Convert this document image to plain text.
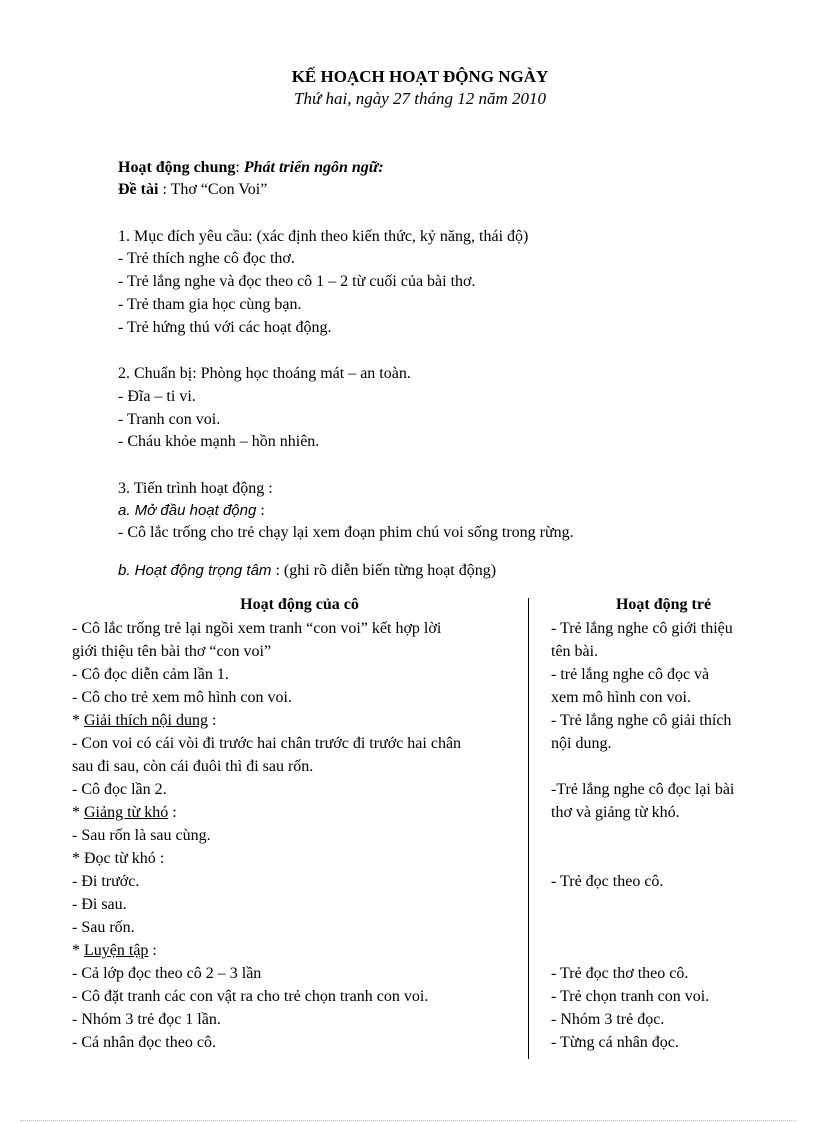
KẾ HOẠCH HOẠT ĐỘNG NGÀY
Thứ hai, ngày 27 tháng 12 năm 2010
Hoạt động chung: Phát triển ngôn ngữ:
Đề tài : Thơ “Con Voi”
1. Mục đích yêu cầu: (xác định theo kiến thức, kỷ năng, thái độ)
- Trẻ thích nghe cô đọc thơ.
- Trẻ lắng nghe và đọc theo cô 1 – 2 từ cuối của bài thơ.
- Trẻ tham gia học cùng bạn.
- Trẻ hứng thú với các hoạt động.
2. Chuẩn bị: Phòng học thoáng mát – an toàn.
- Đĩa – ti vi.
- Tranh con voi.
- Cháu khỏe mạnh – hồn nhiên.
3. Tiến trình hoạt động :
a. Mở đầu hoạt động :
- Cô lắc trống cho trẻ chạy lại xem đoạn phim chú voi sống trong rừng.
b. Hoạt động trọng tâm : (ghi rõ diễn biến từng hoạt động)
Hoạt động của cô	Hoạt động trẻ
- Cô lắc trống trẻ lại ngồi xem tranh “con voi” kết hợp lời
giới thiệu tên bài thơ “con voi”
- Cô đọc diễn cảm lần 1.
- Cô cho trẻ xem mô hình con voi.
* Giải thích nội dung :
- Con voi có cái vòi đi trước hai chân trước đi trước hai chân
sau đi sau, còn cái đuôi thì đi sau rốn.
- Cô đọc lần 2.
* Giảng từ khó :
- Sau rốn là sau cùng.
* Đọc từ khó :
- Đi trước.
- Đi sau.
- Sau rốn.
* Luyện tập :
- Cả lớp đọc theo cô 2 – 3 lần
- Cô đặt tranh các con vật ra cho trẻ chọn tranh con voi.
- Nhóm 3 trẻ đọc 1 lần.
- Cá nhân đọc theo cô.
- Trẻ lắng nghe cô giới thiệu
tên bài.
- trẻ lắng nghe cô đọc và
xem mô hình con voi.
- Trẻ lắng nghe cô giải thích
nội dung.
-Trẻ lắng nghe cô đọc lại bài
thơ và giảng từ khó.
- Trẻ đọc theo cô.
- Trẻ đọc thơ theo cô.
- Trẻ chọn tranh con voi.
- Nhóm 3 trẻ đọc.
- Từng cá nhân đọc.
